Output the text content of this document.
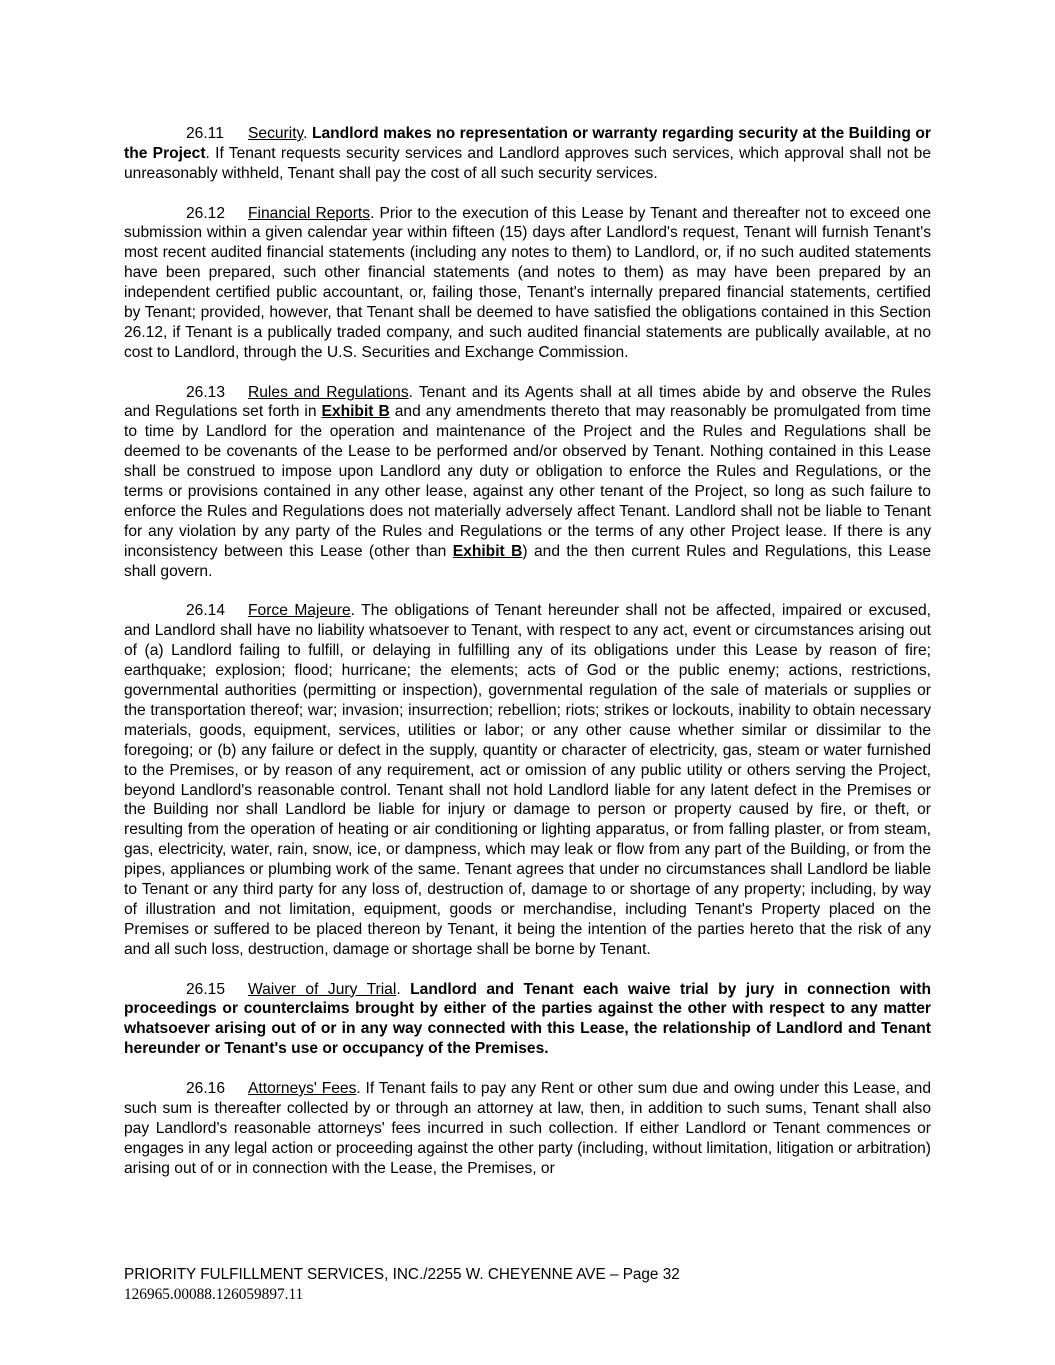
26.11 Security. Landlord makes no representation or warranty regarding security at the Building or the Project. If Tenant requests security services and Landlord approves such services, which approval shall not be unreasonably withheld, Tenant shall pay the cost of all such security services.

26.12 Financial Reports. Prior to the execution of this Lease by Tenant and thereafter not to exceed one submission within a given calendar year within fifteen (15) days after Landlord's request, Tenant will furnish Tenant's most recent audited financial statements (including any notes to them) to Landlord, or, if no such audited statements have been prepared, such other financial statements (and notes to them) as may have been prepared by an independent certified public accountant, or, failing those, Tenant's internally prepared financial statements, certified by Tenant; provided, however, that Tenant shall be deemed to have satisfied the obligations contained in this Section 26.12, if Tenant is a publically traded company, and such audited financial statements are publically available, at no cost to Landlord, through the U.S. Securities and Exchange Commission.

26.13 Rules and Regulations. Tenant and its Agents shall at all times abide by and observe the Rules and Regulations set forth in Exhibit B and any amendments thereto that may reasonably be promulgated from time to time by Landlord for the operation and maintenance of the Project and the Rules and Regulations shall be deemed to be covenants of the Lease to be performed and/or observed by Tenant. Nothing contained in this Lease shall be construed to impose upon Landlord any duty or obligation to enforce the Rules and Regulations, or the terms or provisions contained in any other lease, against any other tenant of the Project, so long as such failure to enforce the Rules and Regulations does not materially adversely affect Tenant. Landlord shall not be liable to Tenant for any violation by any party of the Rules and Regulations or the terms of any other Project lease. If there is any inconsistency between this Lease (other than Exhibit B) and the then current Rules and Regulations, this Lease shall govern.

26.14 Force Majeure. The obligations of Tenant hereunder shall not be affected, impaired or excused, and Landlord shall have no liability whatsoever to Tenant, with respect to any act, event or circumstances arising out of (a) Landlord failing to fulfill, or delaying in fulfilling any of its obligations under this Lease by reason of fire; earthquake; explosion; flood; hurricane; the elements; acts of God or the public enemy; actions, restrictions, governmental authorities (permitting or inspection), governmental regulation of the sale of materials or supplies or the transportation thereof; war; invasion; insurrection; rebellion; riots; strikes or lockouts, inability to obtain necessary materials, goods, equipment, services, utilities or labor; or any other cause whether similar or dissimilar to the foregoing; or (b) any failure or defect in the supply, quantity or character of electricity, gas, steam or water furnished to the Premises, or by reason of any requirement, act or omission of any public utility or others serving the Project, beyond Landlord's reasonable control. Tenant shall not hold Landlord liable for any latent defect in the Premises or the Building nor shall Landlord be liable for injury or damage to person or property caused by fire, or theft, or resulting from the operation of heating or air conditioning or lighting apparatus, or from falling plaster, or from steam, gas, electricity, water, rain, snow, ice, or dampness, which may leak or flow from any part of the Building, or from the pipes, appliances or plumbing work of the same. Tenant agrees that under no circumstances shall Landlord be liable to Tenant or any third party for any loss of, destruction of, damage to or shortage of any property; including, by way of illustration and not limitation, equipment, goods or merchandise, including Tenant's Property placed on the Premises or suffered to be placed thereon by Tenant, it being the intention of the parties hereto that the risk of any and all such loss, destruction, damage or shortage shall be borne by Tenant.

26.15 Waiver of Jury Trial. Landlord and Tenant each waive trial by jury in connection with proceedings or counterclaims brought by either of the parties against the other with respect to any matter whatsoever arising out of or in any way connected with this Lease, the relationship of Landlord and Tenant hereunder or Tenant's use or occupancy of the Premises.

26.16 Attorneys' Fees. If Tenant fails to pay any Rent or other sum due and owing under this Lease, and such sum is thereafter collected by or through an attorney at law, then, in addition to such sums, Tenant shall also pay Landlord's reasonable attorneys' fees incurred in such collection. If either Landlord or Tenant commences or engages in any legal action or proceeding against the other party (including, without limitation, litigation or arbitration) arising out of or in connection with the Lease, the Premises, or

PRIORITY FULFILLMENT SERVICES, INC./2255 W. CHEYENNE AVE – Page 32
126965.00088.126059897.11
